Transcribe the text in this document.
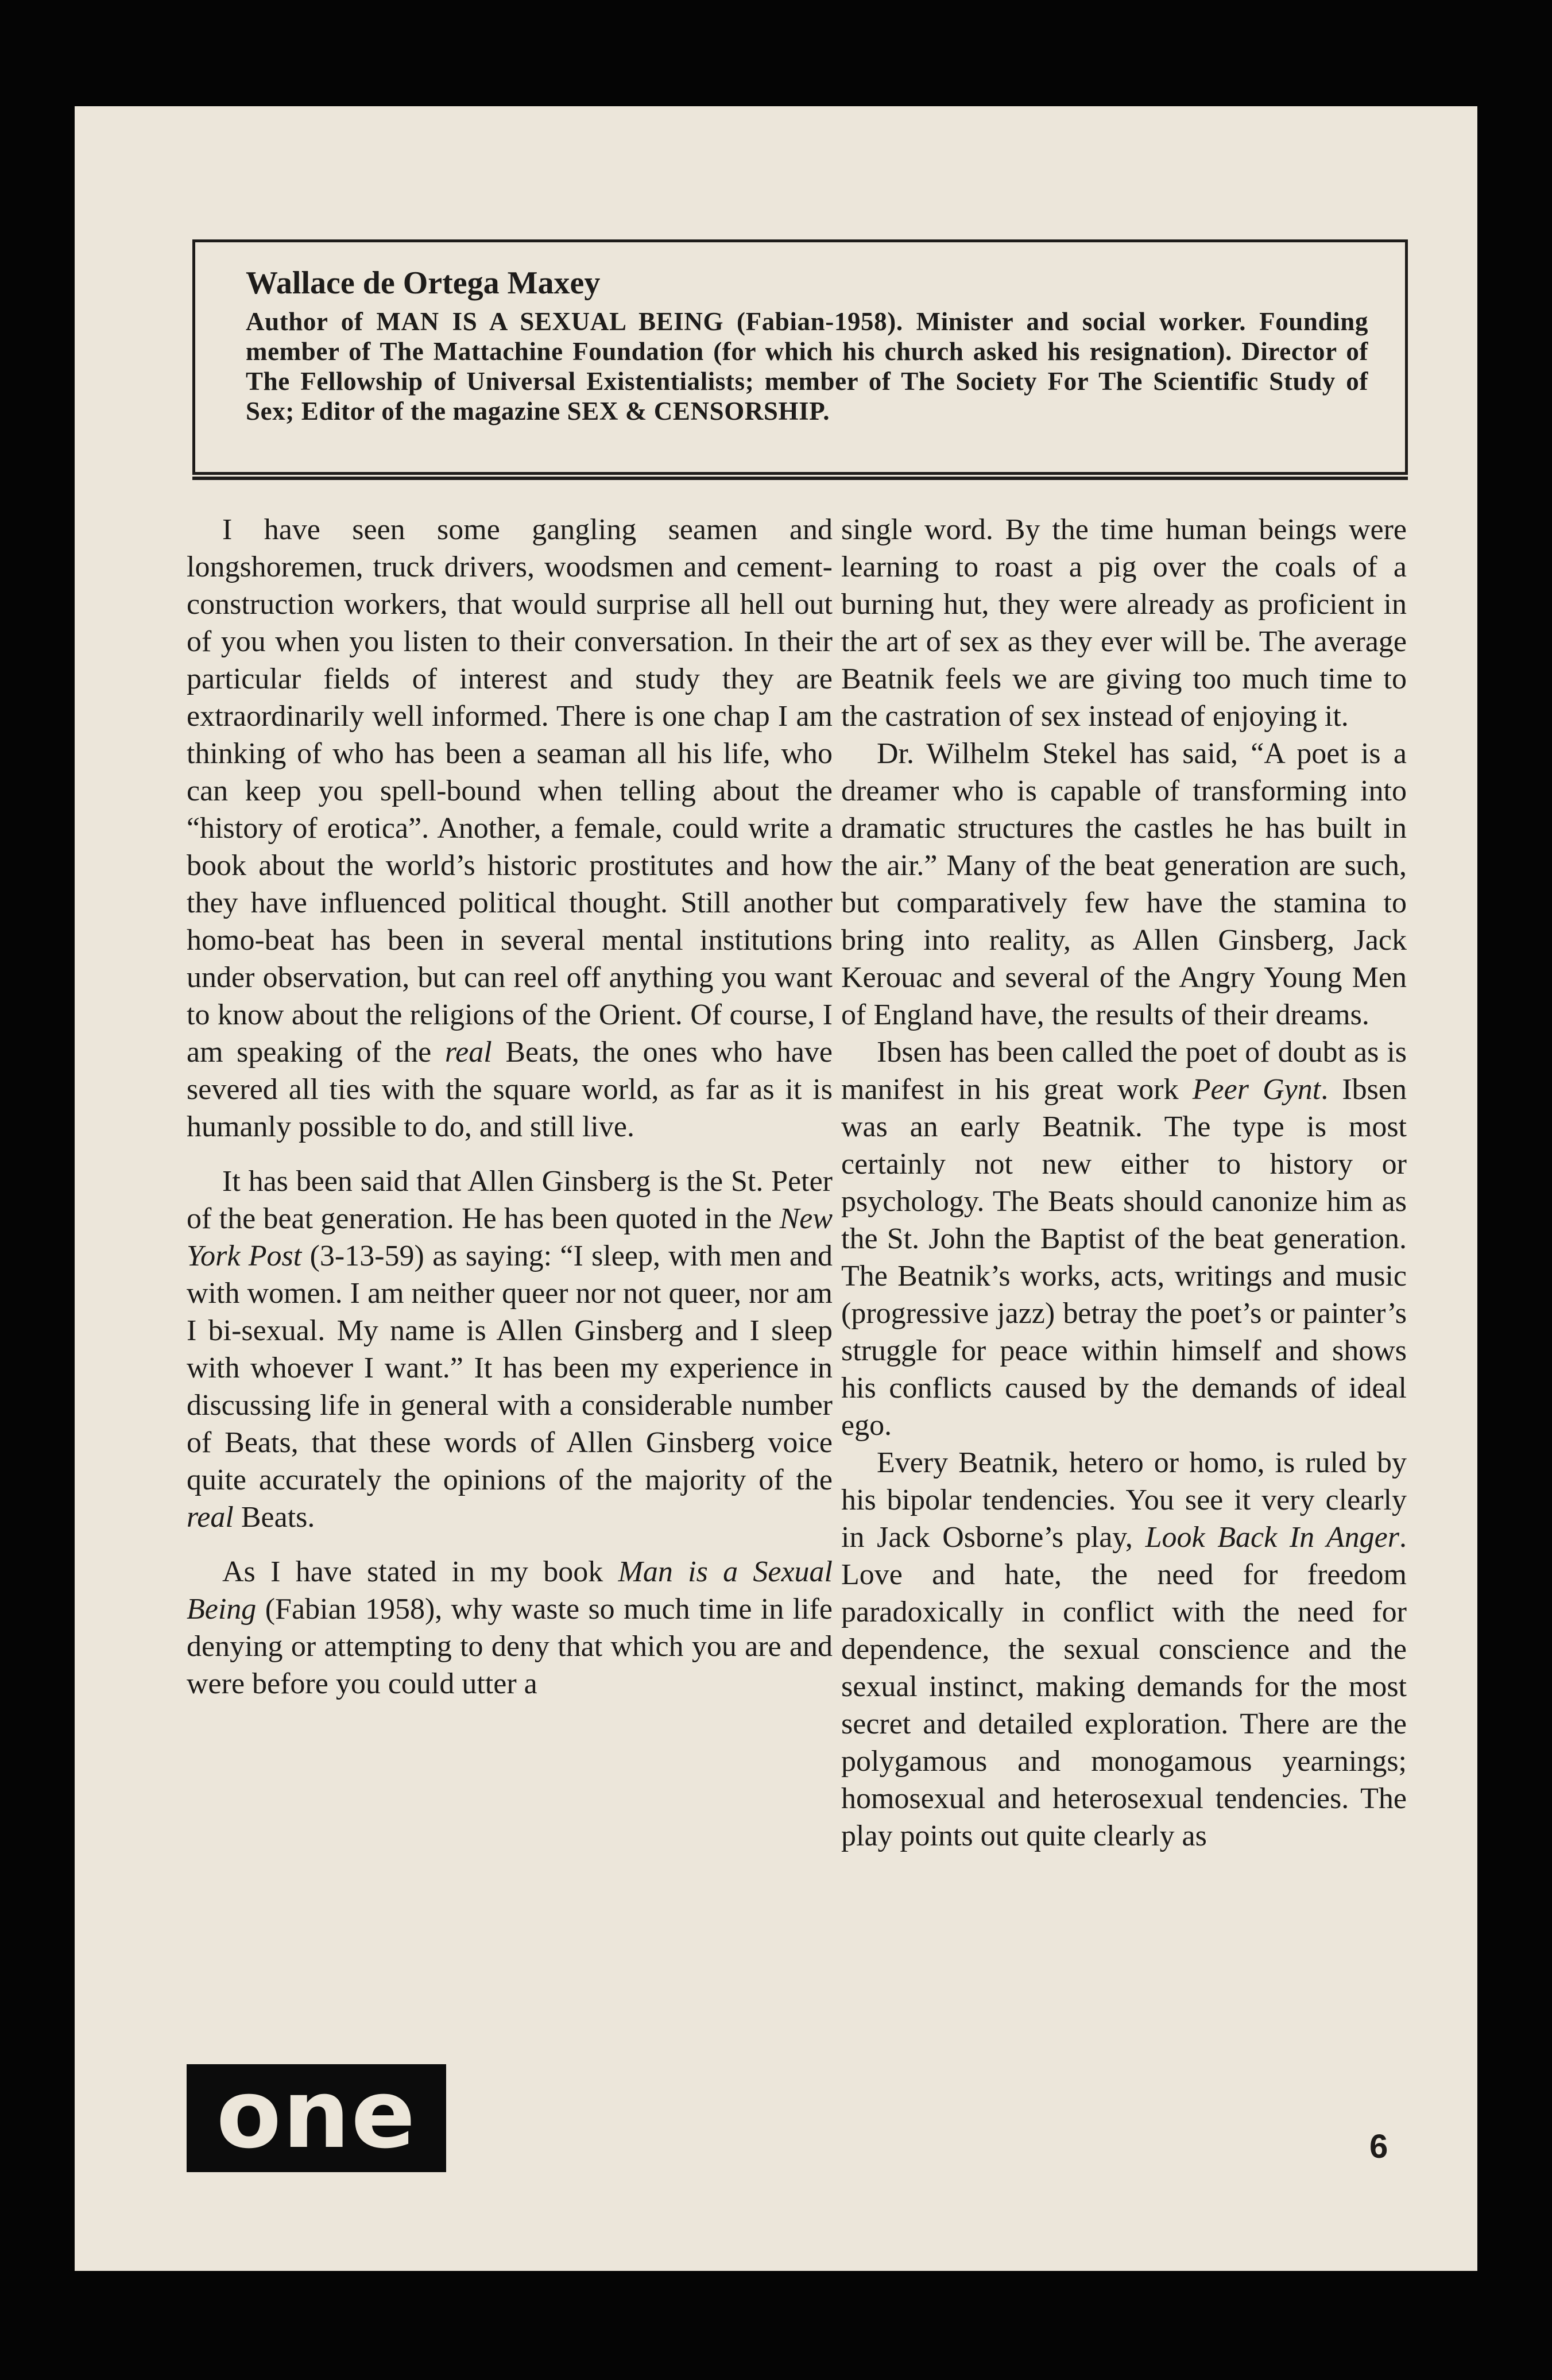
Wallace de Ortega Maxey

Author of MAN IS A SEXUAL BEING (Fabian-1958). Minister and social worker. Founding member of The Mattachine Foundation (for which his church asked his resignation). Director of The Fellowship of Universal Existentialists; member of The Society For The Scientific Study of Sex; Editor of the magazine SEX & CENSORSHIP.

I have seen some gangling seamen and longshoremen, truck drivers, woodsmen and cement-construction workers, that would surprise all hell out of you when you listen to their conversation. In their particular fields of interest and study they are extraordinarily well informed. There is one chap I am thinking of who has been a seaman all his life, who can keep you spell-bound when telling about the “history of erotica”. Another, a female, could write a book about the world’s historic prostitutes and how they have influenced political thought. Still another homo-beat has been in several mental institutions under observation, but can reel off anything you want to know about the religions of the Orient. Of course, I am speaking of the real Beats, the ones who have severed all ties with the square world, as far as it is humanly possible to do, and still live.

It has been said that Allen Ginsberg is the St. Peter of the beat generation. He has been quoted in the New York Post (3-13-59) as saying: “I sleep, with men and with women. I am neither queer nor not queer, nor am I bi-sexual. My name is Allen Ginsberg and I sleep with whoever I want.” It has been my experience in discussing life in general with a considerable number of Beats, that these words of Allen Ginsberg voice quite accurately the opinions of the majority of the real Beats.

As I have stated in my book Man is a Sexual Being (Fabian 1958), why waste so much time in life denying or attempting to deny that which you are and were before you could utter a

single word. By the time human beings were learning to roast a pig over the coals of a burning hut, they were already as proficient in the art of sex as they ever will be. The average Beatnik feels we are giving too much time to the castration of sex instead of enjoying it.

Dr. Wilhelm Stekel has said, “A poet is a dreamer who is capable of transforming into dramatic structures the castles he has built in the air.” Many of the beat generation are such, but comparatively few have the stamina to bring into reality, as Allen Ginsberg, Jack Kerouac and several of the Angry Young Men of England have, the results of their dreams.

Ibsen has been called the poet of doubt as is manifest in his great work Peer Gynt. Ibsen was an early Beatnik. The type is most certainly not new either to history or psychology. The Beats should canonize him as the St. John the Baptist of the beat generation. The Beatnik’s works, acts, writings and music (progressive jazz) betray the poet’s or painter’s struggle for peace within himself and shows his conflicts caused by the demands of ideal ego.

Every Beatnik, hetero or homo, is ruled by his bipolar tendencies. You see it very clearly in Jack Osborne’s play, Look Back In Anger. Love and hate, the need for freedom paradoxically in conflict with the need for dependence, the sexual conscience and the sexual instinct, making demands for the most secret and detailed exploration. There are the polygamous and monogamous yearnings; homosexual and heterosexual tendencies. The play points out quite clearly as

one	6
